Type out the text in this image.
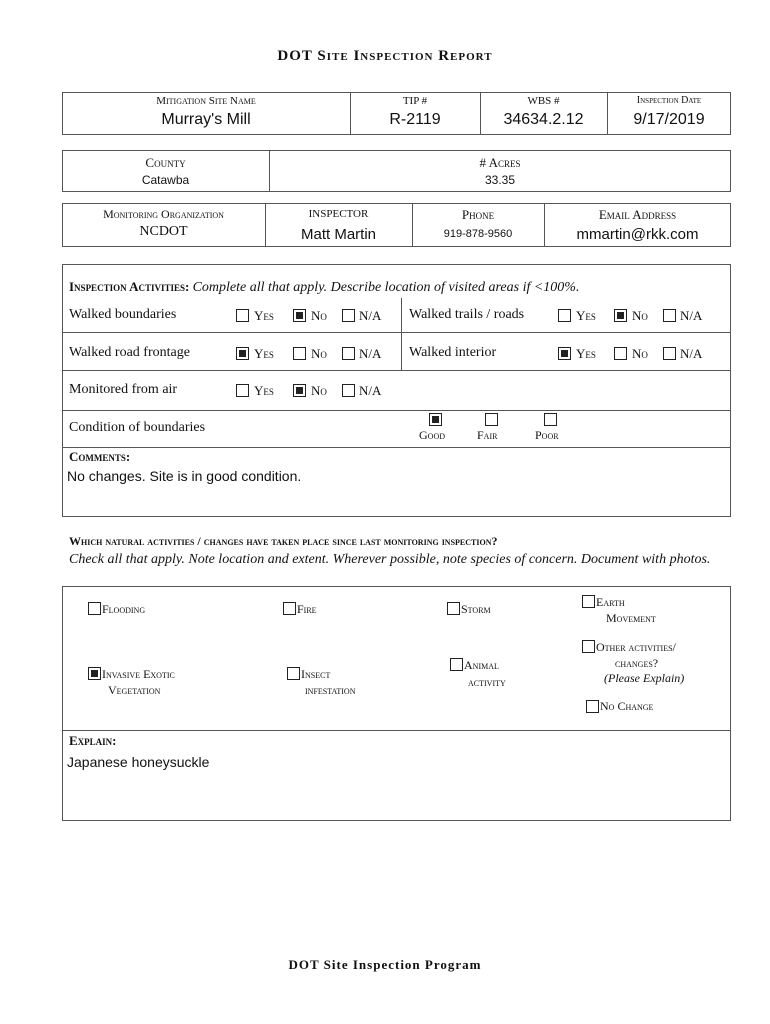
DOT Site Inspection Report
Mitigation Site Name
Murray's Mill
TIP #
R-2119
WBS #
34634.2.12
Inspection Date
9/17/2019
County
Catawba
# Acres
33.35
Monitoring Organization
NCDOT
INSPECTOR
Matt Martin
Phone
919-878-9560
Email Address
mmartin@rkk.com
Inspection Activities: Complete all that apply. Describe location of visited areas if <100%.
Walked boundaries	Yes	No N/A Walked trails / roads	Yes	No N/A
Walked road frontage	Yes	No N/A Walked interior	Yes	No N/A
Monitored from air	Yes	No N/A
Condition of boundaries	Good	Fair	Poor
Comments:
No changes. Site is in good condition.
Which natural activities / changes have taken place since last monitoring inspection?
Check all that apply. Note location and extent. Wherever possible, note species of concern. Document with photos.
Flooding	Fire	Storm	Earth
Movement
Other activities/
changes?
(Please Explain)
Invasive Exotic
Vegetation
Insect
infestation
Animal
activity
No Change
Explain:
Japanese honeysuckle
DOT Site Inspection Program
